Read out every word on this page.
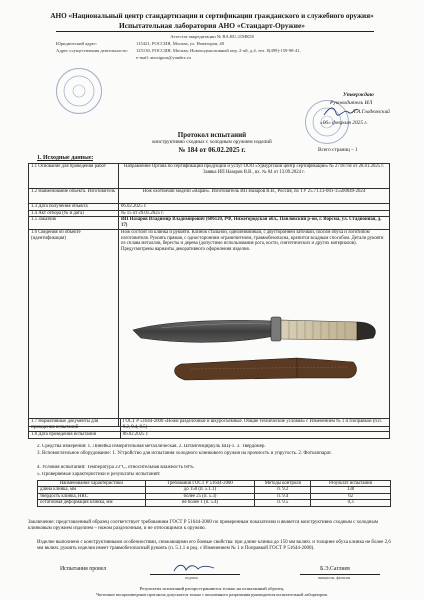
АНО «Национальный центр стандартизации и сертификации гражданского и служебного оружия»
Испытательная лаборатория АНО «Стандарт-Оружие»
Аттестат аккредитации № RA.RU.21МК58
Юридический адрес:	115421, РОССИЯ, Москва, ул. Новаторов, 40
Адрес осуществления деятельности: 125130, РОССИЯ, Москва, Новоподмосковный пер. 2-ой, д.4, тел. 8(499)-159-98-41,
e-mail: anostguru@yandex.ru
Утверждаю
Руководитель ИЛ
Л.А.Гладковский
«06» февраля 2025 г.
Протокол испытаний
конструктивно сходных с холодным оружием изделий
№ 184 от 06.02.2025 г.	Всего страниц – 1
1. Исходные данные:
1.1 Основание для проведения работ	Направление Органа по сертификации продукции и услуг ООО «Удмуртский центр сертификации» № 27187/Н от 28.01.2025 г. Заявка ИП Назаров В.В., вх. № 04 от 13.09.2024 г.
1.2 Наименование объекта. Изготовитель	Нож охотничий модели «Варан». Изготовитель ИП Назаров В.В., Россия, по ТУ 25.71.13-001-15500049-2024
1.3 Дата получения объекта	06.02.2025 г.
1.4 Акт отбора (№ и дата)	№ 15 от 29.01.2025 г.
1.5 Заказчик	ИП Назаров Владимир Владимирович (606120, РФ, Нижегородская обл., Павловский р-он, г. Ворсма, ул. Стадионная, д. 17)
1.6 Сведения об объекте (идентификация)	Нож состоит из клинка и рукояти. Клинок стальной, однолезвийный, с двусторонней заточкой, скосом обуха и логотипом изготовителя. Рукоять прямая, с односторонним ограничителем, травмобезопасна, крепится всадным способом. Детали рукояти из сплава металлов, бересты и дерева (допустимо использование рога, кости, синтетических и других материалов). Предусмотрены варианты декоративного оформления изделия.
1.7 Нормативные документы для проведения испытаний	ГОСТ Р 51644-2000 «Ножи разделочные и шкуросъёмные. Общие технические условия» с Изменением № 1 и Поправкой (п.п. 9.2, 9.4, 9.5)
1.8 Дата проведения испытаний	06.02.2025 г.
2. Средства измерения: 1. Линейка измерительная металлическая. 2. Штангенциркуль ШЦ-1. 3. Твердомер.
3. Вспомогательное оборудование: 1. Устройство для испытания холодного клинкового оружия на прочность и упругость. 2. Фотоаппарат.
4. Условия испытаний: Температура 23°С, относительная влажность 60%.
5. Проверяемые характеристики и результаты испытаний:
Наименование характеристики	Требования ГОСТ Р 51644-2000	Методы контроля	Результат испытаний
длина клинка, мм	до 150 (п. 5.1.1)	п. 9.2	138
твёрдость клинка, HRC	более 25 (п. 5.3)	п. 9.4	62
остаточная деформация клинка, мм	не более 1 (п. 5.4)	п. 9.5	0,3
Заключение: представленный образец соответствует требованиям ГОСТ Р 51644-2000 по проверенным показателям и является конструктивно сходным с холодным клинковым оружием изделием – ножом разделочным, и не относящимся к оружию.
Изделие выполнено с конструктивными особенностями, снижающими его боевые свойства: при длине клинка до 150 мм включ. и толщине обуха клинка не более 2,6 мм включ. рукоять изделия имеет травмобезопасный рукоять (п. 5.1.1 в ред. с Изменением № 1 и Поправкой ГОСТ Р 51644-2000).
Испытания провел
подпись
Б.Э.Саглиев
инициалы, фамилия
Результаты испытаний распространяются только на испытанный образец.
Частичное воспроизведение протокола допускается только с письменного разрешения руководителя испытательной лаборатории.
